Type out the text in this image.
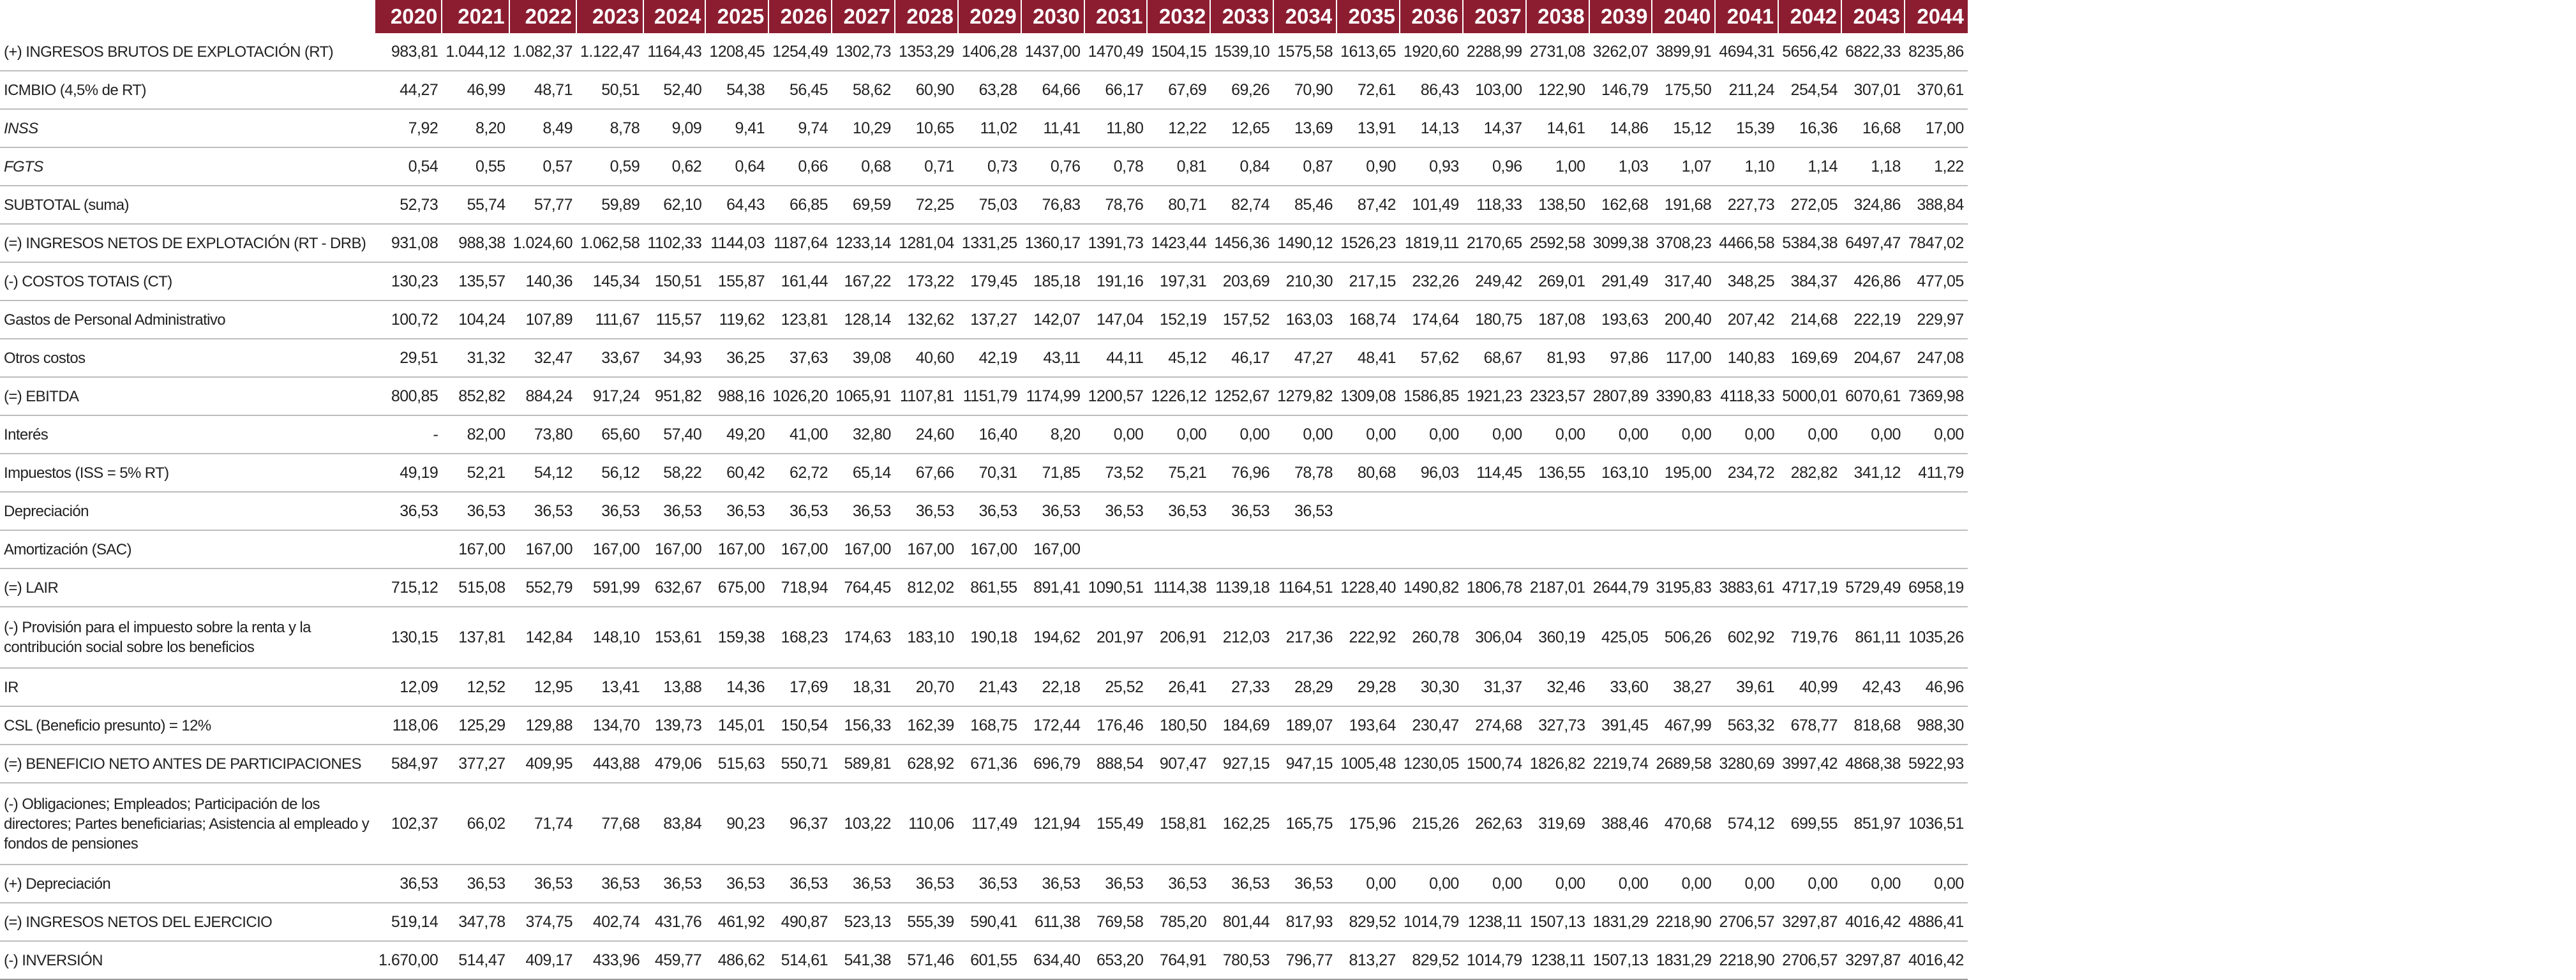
	2020	2021	2022	2023	2024	2025	2026	2027	2028	2029	2030	2031	2032	2033	2034	2035	2036	2037	2038	2039	2040	2041	2042	2043	2044
(+) INGRESOS BRUTOS DE EXPLOTACIÓN (RT)	983,81	1.044,12	1.082,37	1.122,47	1164,43	1208,45	1254,49	1302,73	1353,29	1406,28	1437,00	1470,49	1504,15	1539,10	1575,58	1613,65	1920,60	2288,99	2731,08	3262,07	3899,91	4694,31	5656,42	6822,33	8235,86
ICMBIO (4,5% de RT)	44,27	46,99	48,71	50,51	52,40	54,38	56,45	58,62	60,90	63,28	64,66	66,17	67,69	69,26	70,90	72,61	86,43	103,00	122,90	146,79	175,50	211,24	254,54	307,01	370,61
INSS	7,92	8,20	8,49	8,78	9,09	9,41	9,74	10,29	10,65	11,02	11,41	11,80	12,22	12,65	13,69	13,91	14,13	14,37	14,61	14,86	15,12	15,39	16,36	16,68	17,00
FGTS	0,54	0,55	0,57	0,59	0,62	0,64	0,66	0,68	0,71	0,73	0,76	0,78	0,81	0,84	0,87	0,90	0,93	0,96	1,00	1,03	1,07	1,10	1,14	1,18	1,22
SUBTOTAL (suma)	52,73	55,74	57,77	59,89	62,10	64,43	66,85	69,59	72,25	75,03	76,83	78,76	80,71	82,74	85,46	87,42	101,49	118,33	138,50	162,68	191,68	227,73	272,05	324,86	388,84
(=) INGRESOS NETOS DE EXPLOTACIÓN (RT - DRB)	931,08	988,38	1.024,60	1.062,58	1102,33	1144,03	1187,64	1233,14	1281,04	1331,25	1360,17	1391,73	1423,44	1456,36	1490,12	1526,23	1819,11	2170,65	2592,58	3099,38	3708,23	4466,58	5384,38	6497,47	7847,02
(-) COSTOS TOTAIS (CT)	130,23	135,57	140,36	145,34	150,51	155,87	161,44	167,22	173,22	179,45	185,18	191,16	197,31	203,69	210,30	217,15	232,26	249,42	269,01	291,49	317,40	348,25	384,37	426,86	477,05
Gastos de Personal Administrativo	100,72	104,24	107,89	111,67	115,57	119,62	123,81	128,14	132,62	137,27	142,07	147,04	152,19	157,52	163,03	168,74	174,64	180,75	187,08	193,63	200,40	207,42	214,68	222,19	229,97
Otros costos	29,51	31,32	32,47	33,67	34,93	36,25	37,63	39,08	40,60	42,19	43,11	44,11	45,12	46,17	47,27	48,41	57,62	68,67	81,93	97,86	117,00	140,83	169,69	204,67	247,08
(=) EBITDA	800,85	852,82	884,24	917,24	951,82	988,16	1026,20	1065,91	1107,81	1151,79	1174,99	1200,57	1226,12	1252,67	1279,82	1309,08	1586,85	1921,23	2323,57	2807,89	3390,83	4118,33	5000,01	6070,61	7369,98
Interés	-	82,00	73,80	65,60	57,40	49,20	41,00	32,80	24,60	16,40	8,20	0,00	0,00	0,00	0,00	0,00	0,00	0,00	0,00	0,00	0,00	0,00	0,00	0,00	0,00
Impuestos (ISS = 5% RT)	49,19	52,21	54,12	56,12	58,22	60,42	62,72	65,14	67,66	70,31	71,85	73,52	75,21	76,96	78,78	80,68	96,03	114,45	136,55	163,10	195,00	234,72	282,82	341,12	411,79
Depreciación	36,53	36,53	36,53	36,53	36,53	36,53	36,53	36,53	36,53	36,53	36,53	36,53	36,53	36,53	36,53										
Amortización (SAC)		167,00	167,00	167,00	167,00	167,00	167,00	167,00	167,00	167,00	167,00														
(=) LAIR	715,12	515,08	552,79	591,99	632,67	675,00	718,94	764,45	812,02	861,55	891,41	1090,51	1114,38	1139,18	1164,51	1228,40	1490,82	1806,78	2187,01	2644,79	3195,83	3883,61	4717,19	5729,49	6958,19
(-) Provisión para el impuesto sobre la renta y la contribución social sobre los beneficios	130,15	137,81	142,84	148,10	153,61	159,38	168,23	174,63	183,10	190,18	194,62	201,97	206,91	212,03	217,36	222,92	260,78	306,04	360,19	425,05	506,26	602,92	719,76	861,11	1035,26
IR	12,09	12,52	12,95	13,41	13,88	14,36	17,69	18,31	20,70	21,43	22,18	25,52	26,41	27,33	28,29	29,28	30,30	31,37	32,46	33,60	38,27	39,61	40,99	42,43	46,96
CSL (Beneficio presunto) = 12%	118,06	125,29	129,88	134,70	139,73	145,01	150,54	156,33	162,39	168,75	172,44	176,46	180,50	184,69	189,07	193,64	230,47	274,68	327,73	391,45	467,99	563,32	678,77	818,68	988,30
(=) BENEFICIO NETO ANTES DE PARTICIPACIONES	584,97	377,27	409,95	443,88	479,06	515,63	550,71	589,81	628,92	671,36	696,79	888,54	907,47	927,15	947,15	1005,48	1230,05	1500,74	1826,82	2219,74	2689,58	3280,69	3997,42	4868,38	5922,93
(-) Obligaciones; Empleados; Participación de los directores; Partes beneficiarias; Asistencia al empleado y fondos de pensiones	102,37	66,02	71,74	77,68	83,84	90,23	96,37	103,22	110,06	117,49	121,94	155,49	158,81	162,25	165,75	175,96	215,26	262,63	319,69	388,46	470,68	574,12	699,55	851,97	1036,51
(+) Depreciación	36,53	36,53	36,53	36,53	36,53	36,53	36,53	36,53	36,53	36,53	36,53	36,53	36,53	36,53	36,53	0,00	0,00	0,00	0,00	0,00	0,00	0,00	0,00	0,00	0,00
(=) INGRESOS NETOS DEL EJERCICIO	519,14	347,78	374,75	402,74	431,76	461,92	490,87	523,13	555,39	590,41	611,38	769,58	785,20	801,44	817,93	829,52	1014,79	1238,11	1507,13	1831,29	2218,90	2706,57	3297,87	4016,42	4886,41
(-) INVERSIÓN	1.670,00	514,47	409,17	433,96	459,77	486,62	514,61	541,38	571,46	601,55	634,40	653,20	764,91	780,53	796,77	813,27	829,52	1014,79	1238,11	1507,13	1831,29	2218,90	2706,57	3297,87	4016,42
